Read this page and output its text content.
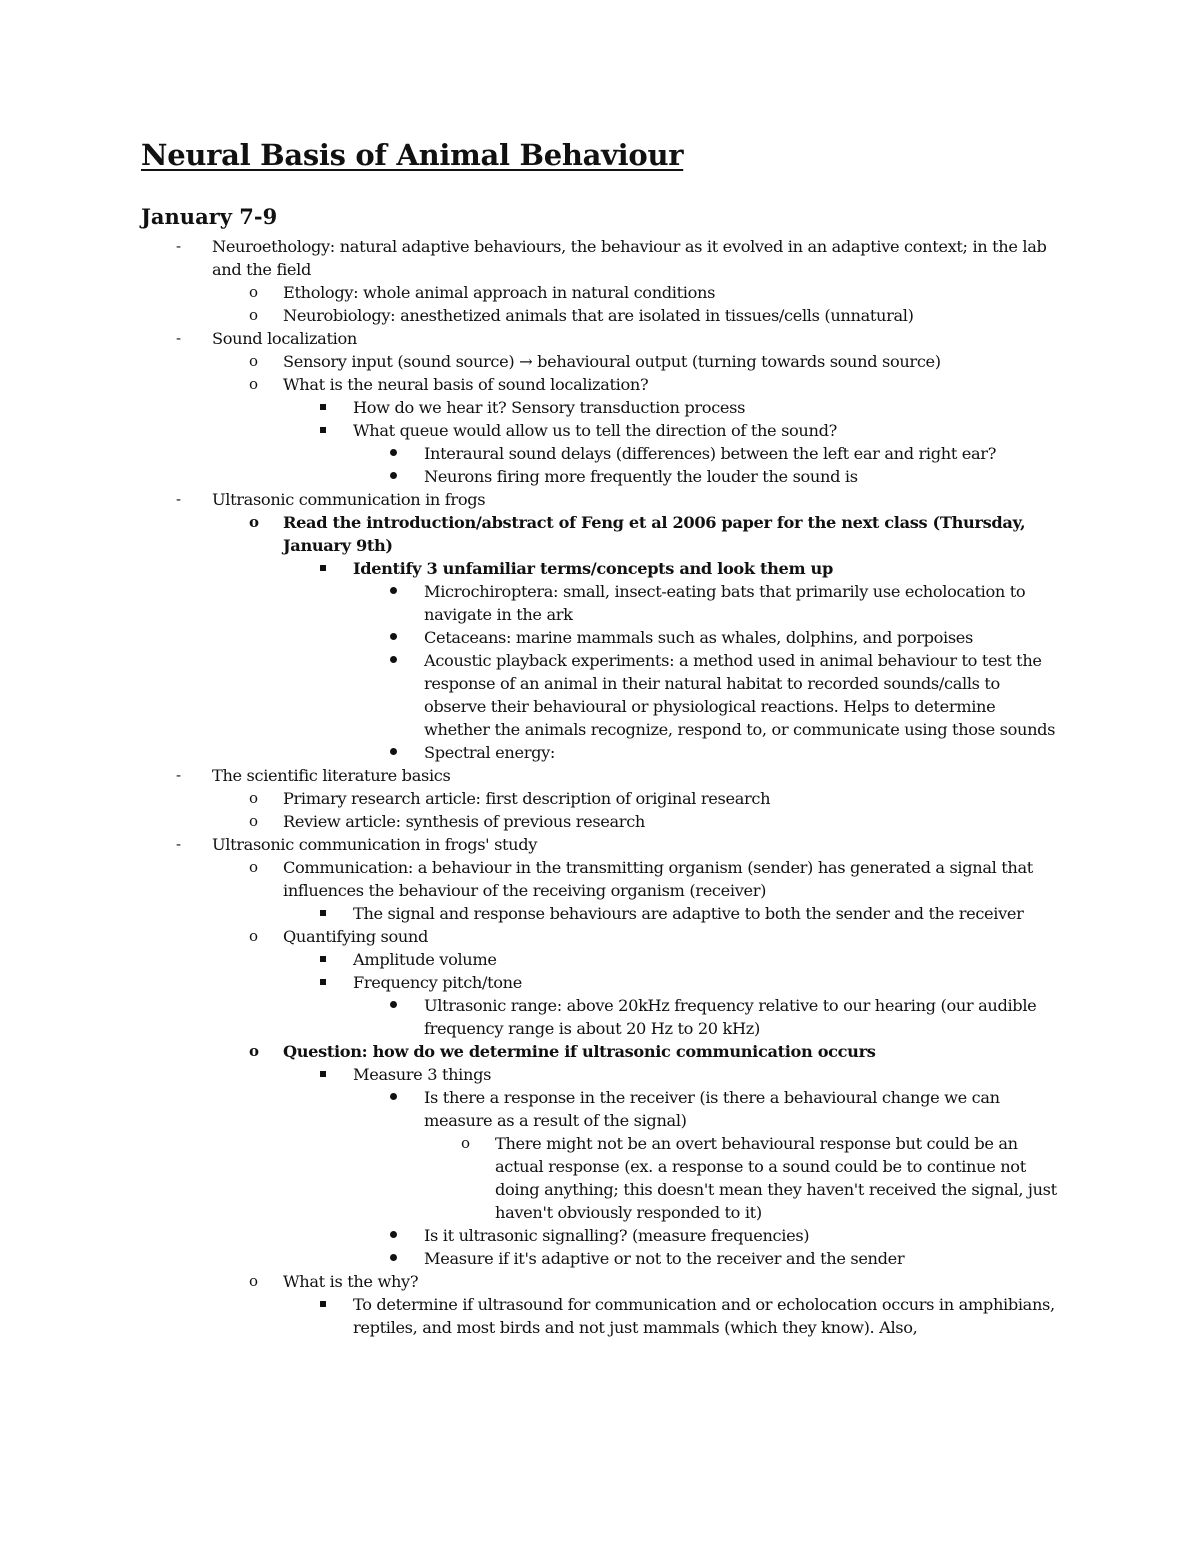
Neural Basis of Animal Behaviour
January 7-9
- Neuroethology: natural adaptive behaviours, the behaviour as it evolved in an adaptive context; in the lab and the field
o Ethology: whole animal approach in natural conditions
o Neurobiology: anesthetized animals that are isolated in tissues/cells (unnatural)
- Sound localization
o Sensory input (sound source) → behavioural output (turning towards sound source)
o What is the neural basis of sound localization?
How do we hear it? Sensory transduction process
What queue would allow us to tell the direction of the sound?
Interaural sound delays (differences) between the left ear and right ear?
Neurons firing more frequently the louder the sound is
- Ultrasonic communication in frogs
o Read the introduction/abstract of Feng et al 2006 paper for the next class (Thursday, January 9th)
Identify 3 unfamiliar terms/concepts and look them up
Microchiroptera: small, insect-eating bats that primarily use echolocation to navigate in the ark
Cetaceans: marine mammals such as whales, dolphins, and porpoises
Acoustic playback experiments: a method used in animal behaviour to test the response of an animal in their natural habitat to recorded sounds/calls to observe their behavioural or physiological reactions. Helps to determine whether the animals recognize, respond to, or communicate using those sounds
Spectral energy:
- The scientific literature basics
o Primary research article: first description of original research
o Review article: synthesis of previous research
- Ultrasonic communication in frogs' study
o Communication: a behaviour in the transmitting organism (sender) has generated a signal that influences the behaviour of the receiving organism (receiver)
The signal and response behaviours are adaptive to both the sender and the receiver
o Quantifying sound
Amplitude volume
Frequency pitch/tone
Ultrasonic range: above 20kHz frequency relative to our hearing (our audible frequency range is about 20 Hz to 20 kHz)
o Question: how do we determine if ultrasonic communication occurs
Measure 3 things
Is there a response in the receiver (is there a behavioural change we can measure as a result of the signal)
o There might not be an overt behavioural response but could be an actual response (ex. a response to a sound could be to continue not doing anything; this doesn't mean they haven't received the signal, just haven't obviously responded to it)
Is it ultrasonic signalling? (measure frequencies)
Measure if it's adaptive or not to the receiver and the sender
o What is the why?
To determine if ultrasound for communication and or echolocation occurs in amphibians, reptiles, and most birds and not just mammals (which they know). Also,
